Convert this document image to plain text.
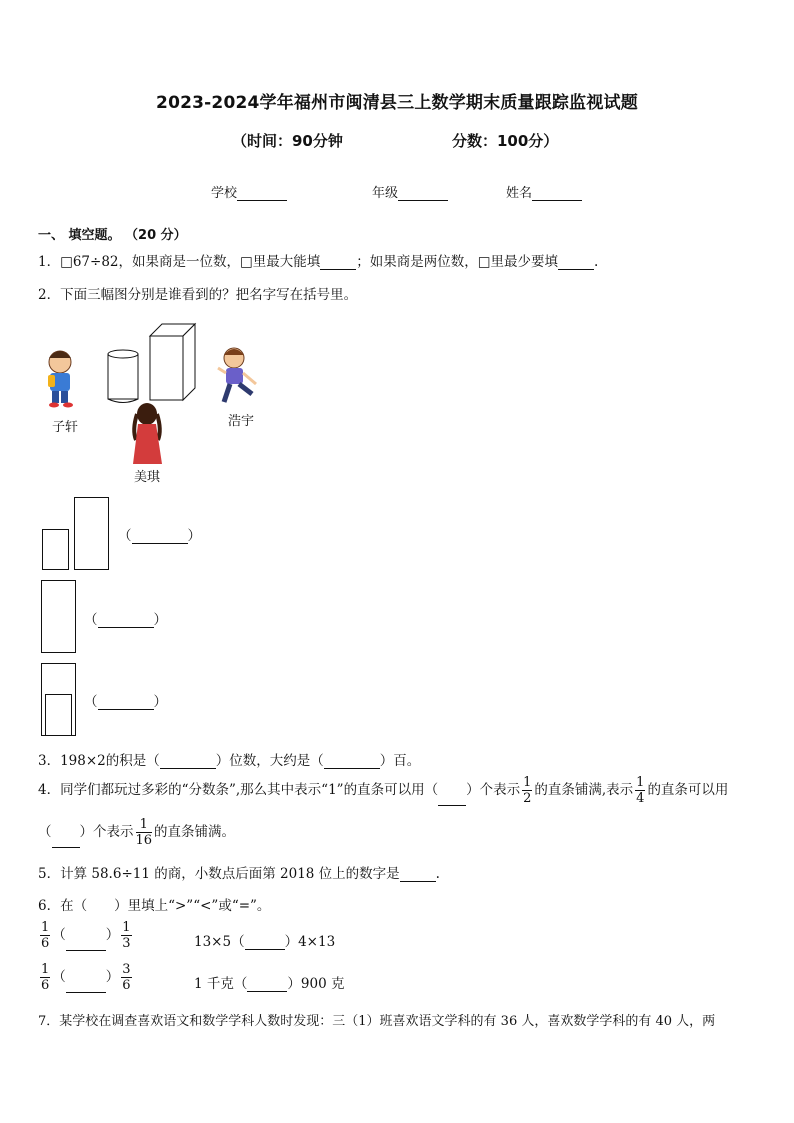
2023-2024学年福州市闽清县三上数学期末质量跟踪监视试题
（时间：90分钟	分数：100分）
学校	年级	姓名
一、 填空题。 （20 分）
1．□67÷82，如果商是一位数，□里最大能填	；如果商是两位数，□里最少要填	.
2．下面三幅图分别是谁看到的？把名字写在括号里。
子轩	浩宇
美琪
（	）
（	）
（	）
3．198×2的积是（	）位数，大约是（	）百。
4．同学们都玩过多彩的“分数条”,那么其中表示“1”的直条可以用（ ）个表示 $\frac{1}{2}$ 的直条铺满,表示 $\frac{1}{4}$ 的直条可以用
（ ）个表示 $\frac{1}{16}$ 的直条铺满。
5．计算 58.6÷11 的商，小数点后面第 2018 位上的数字是	.
6．在（　　）里填上“>”“<”或“=”。
$\frac{1}{6}$ （	） $\frac{1}{3}$	13×5（	）4×13
$\frac{1}{6}$ （	） $\frac{3}{6}$	1 千克（	）900 克
7．某学校在调查喜欢语文和数学学科人数时发现：三（1）班喜欢语文学科的有 36 人，喜欢数学学科的有 40 人，两
